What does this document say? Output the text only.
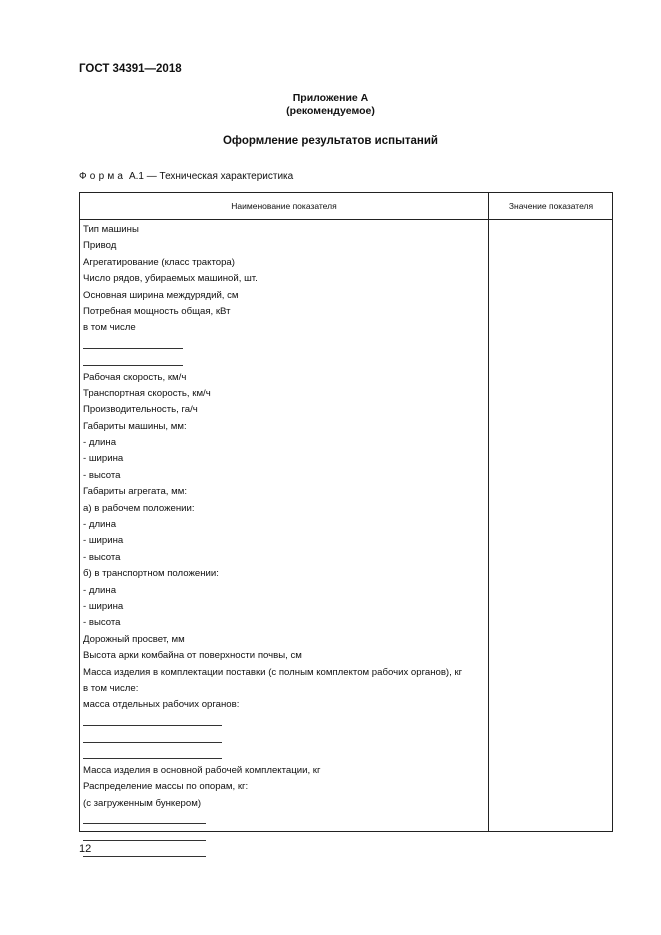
ГОСТ 34391—2018
Приложение А
(рекомендуемое)
Оформление результатов испытаний
Форма А.1 — Техническая характеристика
Наименование показателя	Значение показателя
Тип машины
Привод
Агрегатирование (класс трактора)
Число рядов, убираемых машиной, шт.
Основная ширина междурядий, см
Потребная мощность общая, кВт
в том числе
Рабочая скорость, км/ч
Транспортная скорость, км/ч
Производительность, га/ч
Габариты машины, мм:
- длина
- ширина
- высота
Габариты агрегата, мм:
а) в рабочем положении:
- длина
- ширина
- высота
б) в транспортном положении:
- длина
- ширина
- высота
Дорожный просвет, мм
Высота арки комбайна от поверхности почвы, см
Масса изделия в комплектации поставки (с полным комплектом рабочих органов), кг
в том числе:
масса отдельных рабочих органов:
Масса изделия в основной рабочей комплектации, кг
Распределение массы по опорам, кг:
(с загруженным бункером)
12
